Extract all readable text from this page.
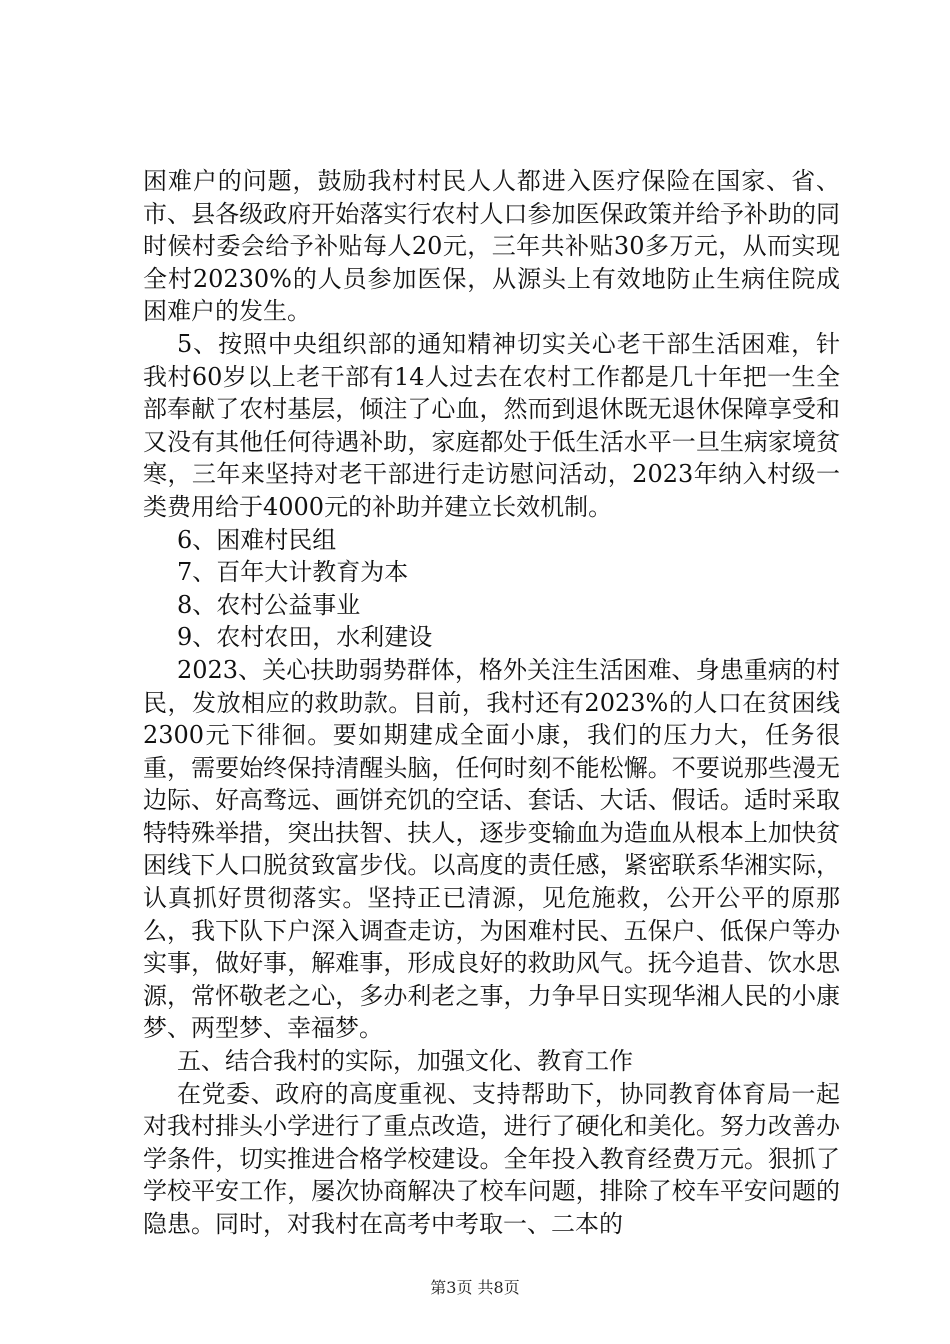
困难户的问题，鼓励我村村民人人都进入医疗保险在国家、省、市、县各级政府开始落实行农村人口参加医保政策并给予补助的同时候村委会给予补贴每人20元，三年共补贴30多万元，从而实现全村20230%的人员参加医保，从源头上有效地防止生病住院成困难户的发生。

5、按照中央组织部的通知精神切实关心老干部生活困难，针我村60岁以上老干部有14人过去在农村工作都是几十年把一生全部奉献了农村基层，倾注了心血，然而到退休既无退休保障享受和又没有其他任何待遇补助，家庭都处于低生活水平一旦生病家境贫寒，三年来坚持对老干部进行走访慰问活动，2023年纳入村级一类费用给于4000元的补助并建立长效机制。

6、困难村民组

7、百年大计教育为本

8、农村公益事业

9、农村农田，水利建设

2023、关心扶助弱势群体，格外关注生活困难、身患重病的村民，发放相应的救助款。目前，我村还有2023%的人口在贫困线2300元下徘徊。要如期建成全面小康，我们的压力大，任务很重，需要始终保持清醒头脑，任何时刻不能松懈。不要说那些漫无边际、好高骛远、画饼充饥的空话、套话、大话、假话。适时采取特特殊举措，突出扶智、扶人，逐步变输血为造血从根本上加快贫困线下人口脱贫致富步伐。以高度的责任感，紧密联系华湘实际，认真抓好贯彻落实。坚持正已清源，见危施救，公开公平的原那么，我下队下户深入调查走访，为困难村民、五保户、低保户等办实事，做好事，解难事，形成良好的救助风气。抚今追昔、饮水思源，常怀敬老之心，多办利老之事，力争早日实现华湘人民的小康梦、两型梦、幸福梦。

五、结合我村的实际，加强文化、教育工作

在党委、政府的高度重视、支持帮助下，协同教育体育局一起对我村排头小学进行了重点改造，进行了硬化和美化。努力改善办学条件，切实推进合格学校建设。全年投入教育经费万元。狠抓了学校平安工作，屡次协商解决了校车问题，排除了校车平安问题的隐患。同时，对我村在高考中考取一、二本的

第3页 共8页
